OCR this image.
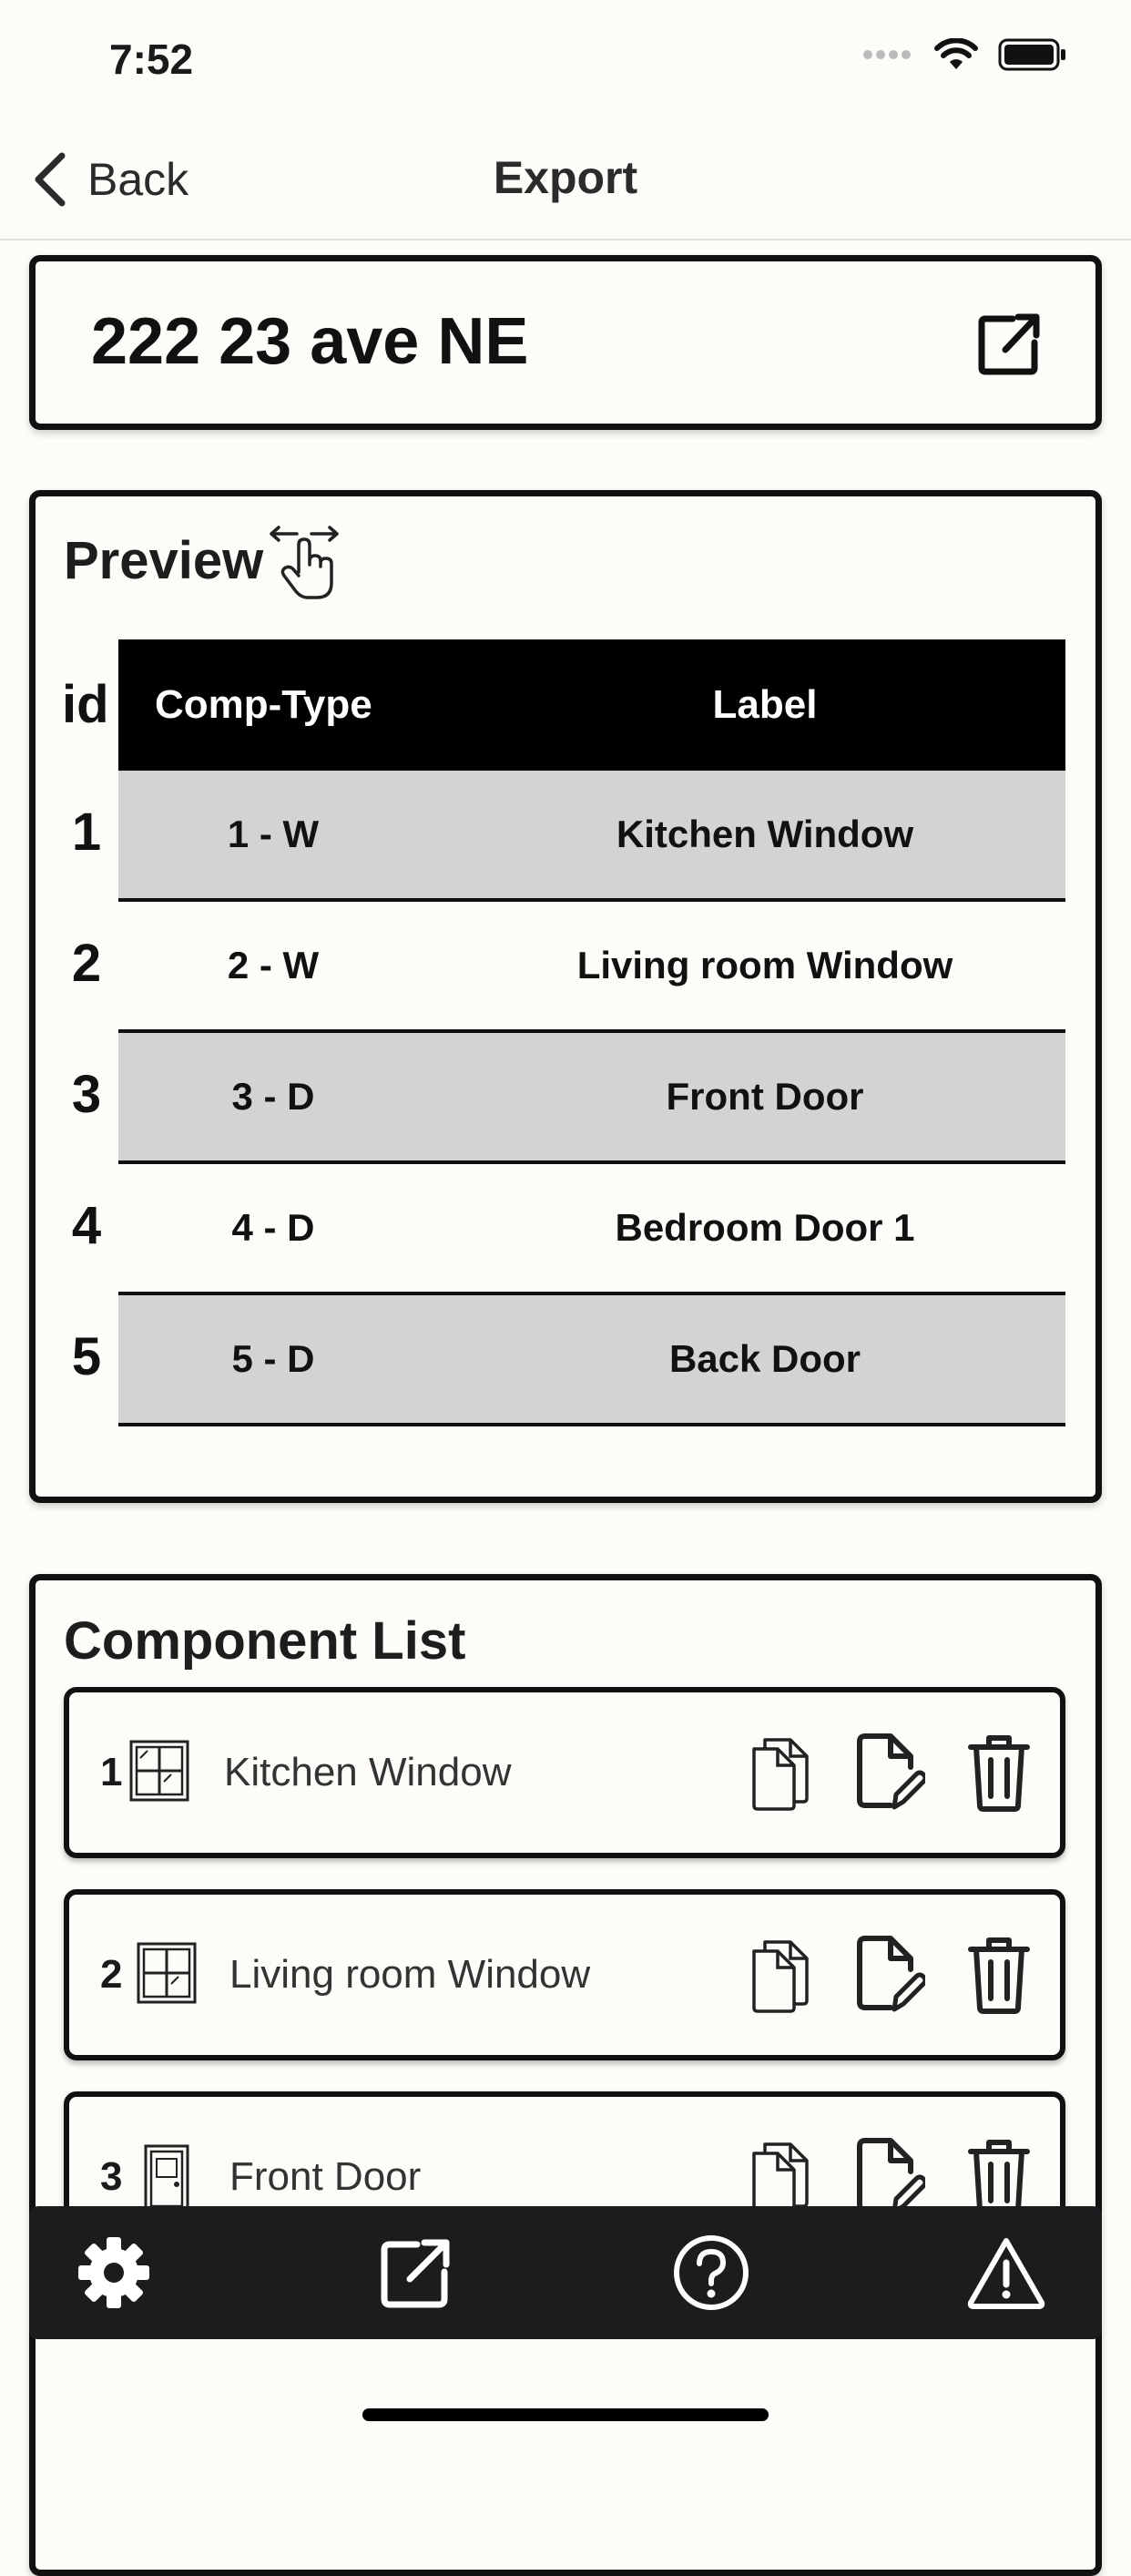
7:52
Back	Export
222 23 ave NE
Preview
id Comp-Type	Label
1	1 - W	Kitchen Window
2	2 - W	Living room Window
3	3 - D	Front Door
4	4 - D	Bedroom Door 1
5	5 - D	Back Door
Component List
1	Kitchen Window
2	Living room Window
3	Front Door
